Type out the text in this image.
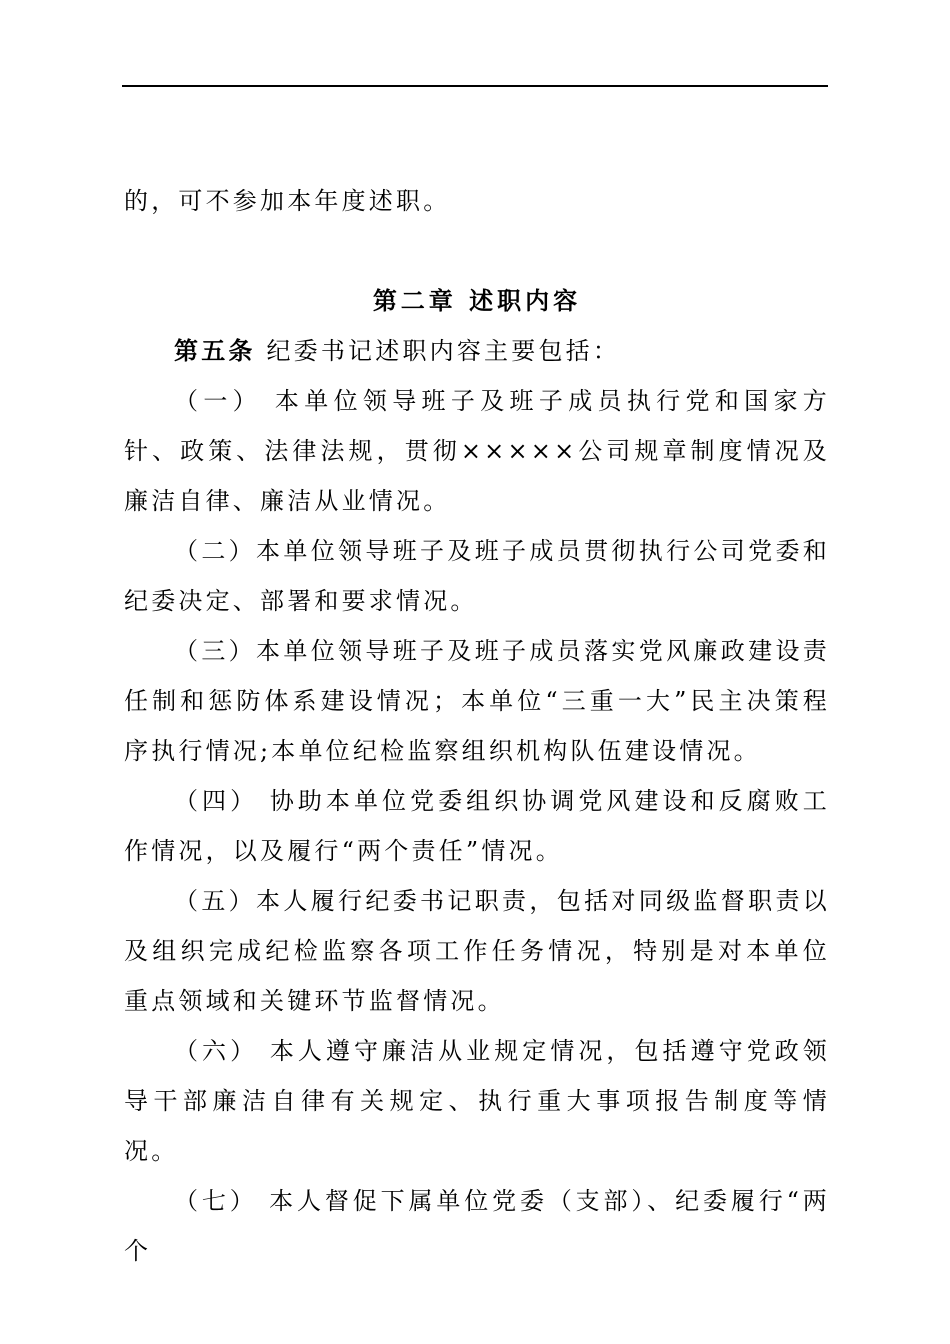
的，可不参加本年度述职。

第二章 述职内容

第五条 纪委书记述职内容主要包括：

（一） 本单位领导班子及班子成员执行党和国家方针、政策、法律法规，贯彻×××××公司规章制度情况及廉洁自律、廉洁从业情况。

（二）本单位领导班子及班子成员贯彻执行公司党委和纪委决定、部署和要求情况。

（三）本单位领导班子及班子成员落实党风廉政建设责任制和惩防体系建设情况；本单位“三重一大”民主决策程序执行情况;本单位纪检监察组织机构队伍建设情况。

（四） 协助本单位党委组织协调党风建设和反腐败工作情况，以及履行“两个责任”情况。

（五）本人履行纪委书记职责，包括对同级监督职责以及组织完成纪检监察各项工作任务情况，特别是对本单位重点领域和关键环节监督情况。

（六） 本人遵守廉洁从业规定情况，包括遵守党政领导干部廉洁自律有关规定、执行重大事项报告制度等情况。

（七） 本人督促下属单位党委（支部）、纪委履行“两个
